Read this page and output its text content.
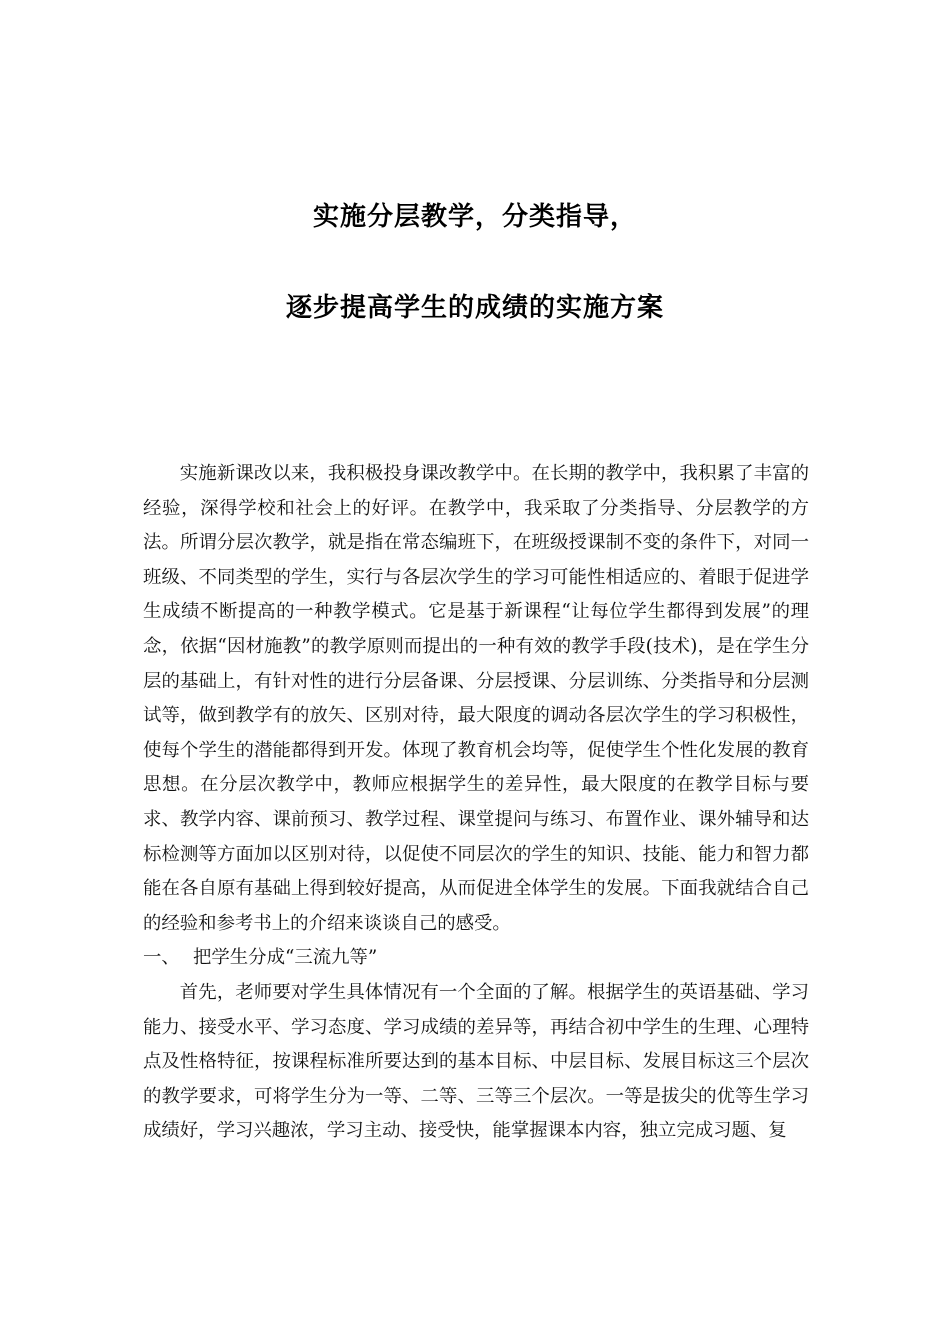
实施分层教学，分类指导，
逐步提高学生的成绩的实施方案

实施新课改以来，我积极投身课改教学中。在长期的教学中，我积累了丰富的经验，深得学校和社会上的好评。在教学中，我采取了分类指导、分层教学的方法。所谓分层次教学，就是指在常态编班下，在班级授课制不变的条件下，对同一班级、不同类型的学生，实行与各层次学生的学习可能性相适应的、着眼于促进学生成绩不断提高的一种教学模式。它是基于新课程“让每位学生都得到发展”的理念，依据“因材施教”的教学原则而提出的一种有效的教学手段(技术)，是在学生分层的基础上，有针对性的进行分层备课、分层授课、分层训练、分类指导和分层测试等，做到教学有的放矢、区别对待，最大限度的调动各层次学生的学习积极性，使每个学生的潜能都得到开发。体现了教育机会均等，促使学生个性化发展的教育思想。在分层次教学中，教师应根据学生的差异性，最大限度的在教学目标与要求、教学内容、课前预习、教学过程、课堂提问与练习、布置作业、课外辅导和达标检测等方面加以区别对待，以促使不同层次的学生的知识、技能、能力和智力都能在各自原有基础上得到较好提高，从而促进全体学生的发展。下面我就结合自己的经验和参考书上的介绍来谈谈自己的感受。

一、 把学生分成“三流九等”

首先，老师要对学生具体情况有一个全面的了解。根据学生的英语基础、学习能力、接受水平、学习态度、学习成绩的差异等，再结合初中学生的生理、心理特点及性格特征，按课程标准所要达到的基本目标、中层目标、发展目标这三个层次的教学要求，可将学生分为一等、二等、三等三个层次。一等是拔尖的优等生学习成绩好，学习兴趣浓，学习主动、接受快，能掌握课本内容，独立完成习题、复
